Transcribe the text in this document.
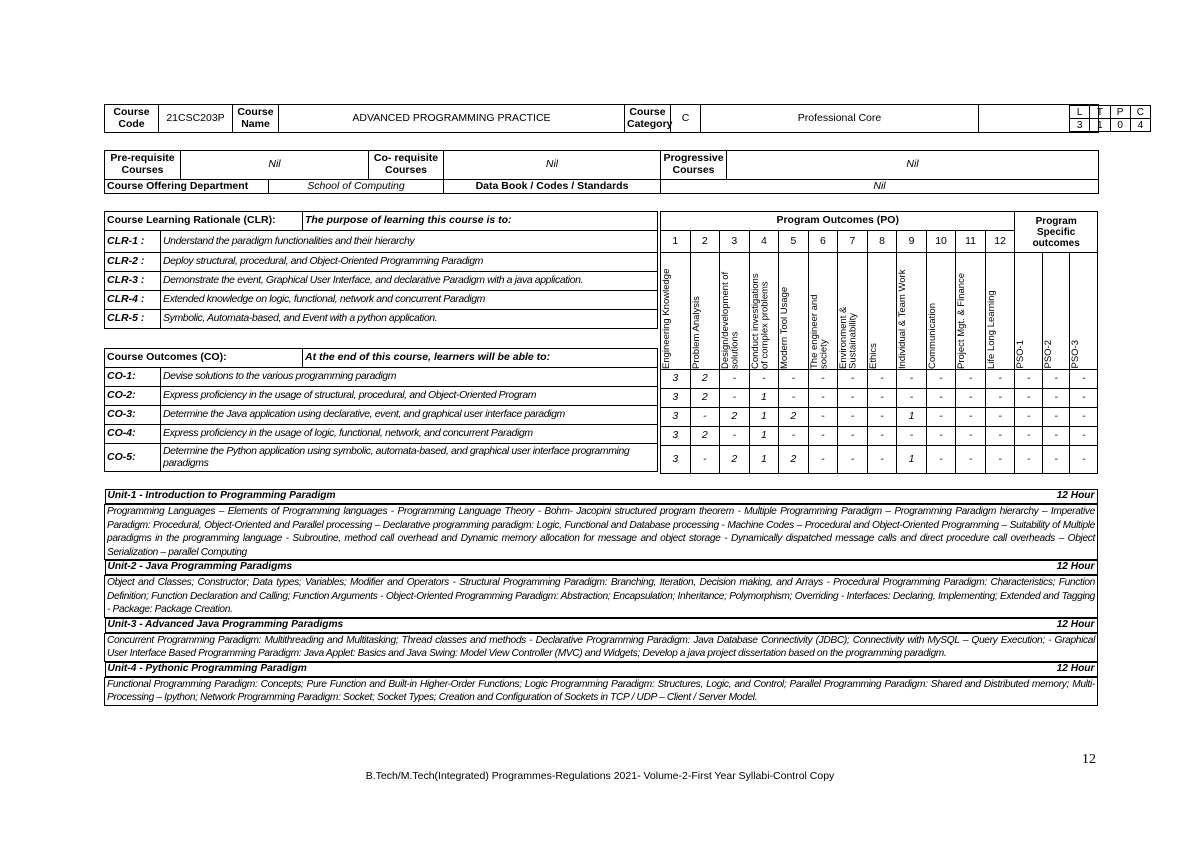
Course Code	21CSC203P	Course Name	ADVANCED PROGRAMMING PRACTICE	Course Category	C	Professional Core		L	T	P	C
3	1	0	4
Pre-requisite Courses	Nil		Co- requisite Courses	Nil	Progressive Courses	Nil
Course Offering Department		School of Computing		Data Book / Codes / Standards	Nil	
Course Learning Rationale (CLR):		The purpose of learning this course is to:
CLR-1 :	Understand the paradigm functionalities and their hierarchy	
CLR-2 :	Deploy structural, procedural, and Object-Oriented Programming Paradigm	
CLR-3 :	Demonstrate the event, Graphical User Interface, and declarative Paradigm with a java application.	
CLR-4 :	Extended knowledge on logic, functional, network and concurrent Paradigm	
CLR-5 :	Symbolic, Automata-based, and Event with a python application.	

Course Outcomes (CO):		At the end of this course, learners will be able to:
CO-1:	Devise solutions to the various programming paradigm	
CO-2:	Express proficiency in the usage of structural, procedural, and Object-Oriented Program	
CO-3:	Determine the Java application using declarative, event, and graphical user interface paradigm	
CO-4:	Express proficiency in the usage of logic, functional, network, and concurrent Paradigm	
CO-5:	Determine the Python application using symbolic, automata-based, and graphical user interface programming paradigms	
Program Outcomes (PO)												Program Specific outcomes		
1	2	3	4	5	6	7	8	9	10	11	12			

Engineering Knowledge	Problem Analysis	Design/development of solutions	Conduct investigations of complex problems	Modern Tool Usage	The engineer and society	Environment & Sustainability	Ethics	Individual & Team Work	Communication	Project Mgt. & Finance	Life Long Learning	PSO-1	PSO-2	PSO-3

3	2	-	-	-	-	-	-	-	-	-	-	-	-	-
3	2	-	1	-	-	-	-	-	-	-	-	-	-	-
3	-	2	1	2	-	-	-	1	-	-	-	-	-	-
3	2	-	1	-	-	-	-	-	-	-	-	-	-	-
3	-	2	1	2	-	-	-	1	-	-	-	-	-	-
Unit-1 - Introduction to Programming Paradigm	12 Hour

Programming Languages – Elements of Programming languages - Programming Language Theory - Bohm- Jacopini structured program theorem - Multiple Programming Paradigm – Programming Paradigm hierarchy – Imperative Paradigm: Procedural, Object-Oriented and Parallel processing – Declarative programming paradigm: Logic, Functional and Database processing - Machine Codes – Procedural and Object-Oriented Programming – Suitability of Multiple paradigms in the programming language - Subroutine, method call overhead and Dynamic memory allocation for message and object storage - Dynamically dispatched message calls and direct procedure call overheads – Object Serialization – parallel Computing

Unit-2 - Java Programming Paradigms	12 Hour

Object and Classes; Constructor; Data types; Variables; Modifier and Operators - Structural Programming Paradigm: Branching, Iteration, Decision making, and Arrays - Procedural Programming Paradigm: Characteristics; Function Definition; Function Declaration and Calling; Function Arguments - Object-Oriented Programming Paradigm: Abstraction; Encapsulation; Inheritance; Polymorphism; Overriding - Interfaces: Declaring, Implementing; Extended and Tagging - Package: Package Creation.

Unit-3 - Advanced Java Programming Paradigms	12 Hour

Concurrent Programming Paradigm: Multithreading and Multitasking; Thread classes and methods - Declarative Programming Paradigm: Java Database Connectivity (JDBC); Connectivity with MySQL – Query Execution; - Graphical User Interface Based Programming Paradigm: Java Applet: Basics and Java Swing: Model View Controller (MVC) and Widgets; Develop a java project dissertation based on the programming paradigm.

Unit-4 - Pythonic Programming Paradigm	12 Hour

Functional Programming Paradigm: Concepts; Pure Function and Built-in Higher-Order Functions; Logic Programming Paradigm: Structures, Logic, and Control; Parallel Programming Paradigm: Shared and Distributed memory; Multi-Processing – Ipython; Network Programming Paradigm: Socket; Socket Types; Creation and Configuration of Sockets in TCP / UDP – Client / Server Model.
12
B.Tech/M.Tech(Integrated) Programmes-Regulations 2021- Volume-2-First Year Syllabi-Control Copy
